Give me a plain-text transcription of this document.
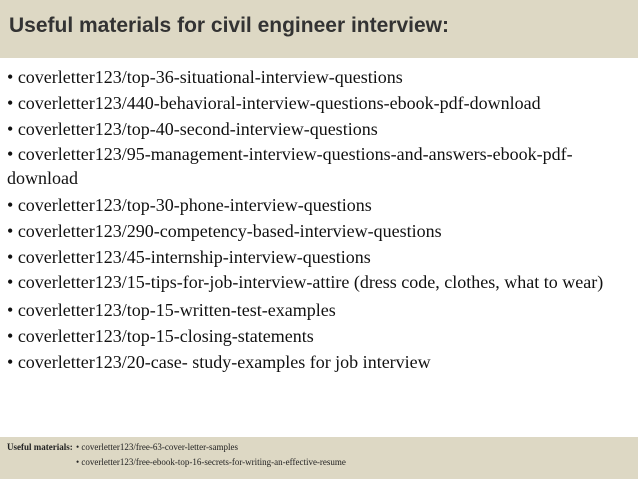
Useful materials for civil engineer interview:
• coverletter123/top-36-situational-interview-questions
• coverletter123/440-behavioral-interview-questions-ebook-pdf-download
• coverletter123/top-40-second-interview-questions
• coverletter123/95-management-interview-questions-and-answers-ebook-pdf-download
• coverletter123/top-30-phone-interview-questions
• coverletter123/290-competency-based-interview-questions
• coverletter123/45-internship-interview-questions
• coverletter123/15-tips-for-job-interview-attire (dress code, clothes, what to wear)
• coverletter123/top-15-written-test-examples
• coverletter123/top-15-closing-statements
• coverletter123/20-case- study-examples for job interview
Useful materials: • coverletter123/free-63-cover-letter-samples
• coverletter123/free-ebook-top-16-secrets-for-writing-an-effective-resume
